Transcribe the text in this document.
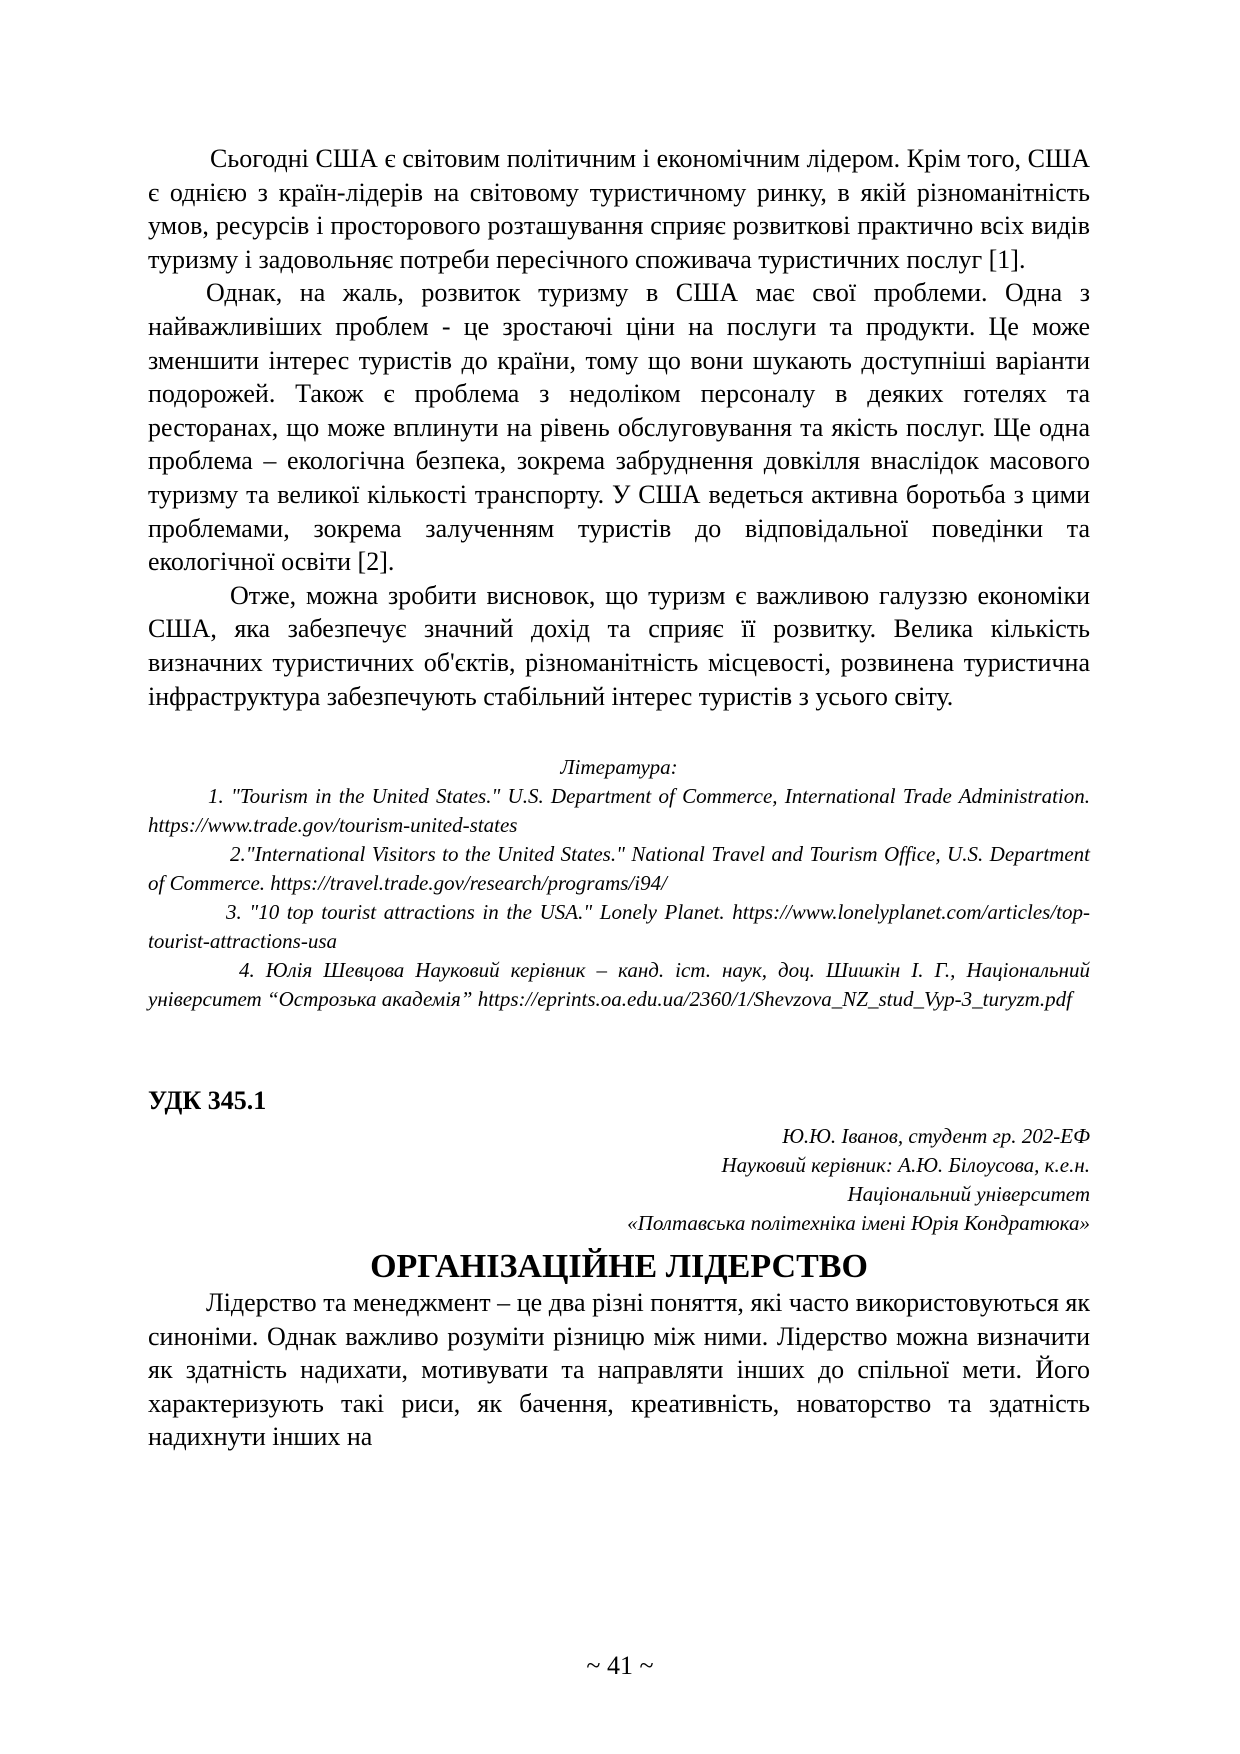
Сьогодні США є світовим політичним і економічним лідером. Крім того, США є однією з країн-лідерів на світовому туристичному ринку, в якій різноманітність умов, ресурсів і просторового розташування сприяє розвиткові практично всіх видів туризму і задовольняє потреби пересічного споживача туристичних послуг [1].

Однак, на жаль, розвиток туризму в США має свої проблеми. Одна з найважливіших проблем - це зростаючі ціни на послуги та продукти. Це може зменшити інтерес туристів до країни, тому що вони шукають доступніші варіанти подорожей. Також є проблема з недоліком персоналу в деяких готелях та ресторанах, що може вплинути на рівень обслуговування та якість послуг. Ще одна проблема – екологічна безпека, зокрема забруднення довкілля внаслідок масового туризму та великої кількості транспорту. У США ведеться активна боротьба з цими проблемами, зокрема залученням туристів до відповідальної поведінки та екологічної освіти [2].

Отже, можна зробити висновок, що туризм є важливою галуззю економіки США, яка забезпечує значний дохід та сприяє її розвитку. Велика кількість визначних туристичних об'єктів, різноманітність місцевості, розвинена туристична інфраструктура забезпечують стабільний інтерес туристів з усього світу.

Література:

1. "Tourism in the United States." U.S. Department of Commerce, International Trade Administration. https://www.trade.gov/tourism-united-states

2."International Visitors to the United States." National Travel and Tourism Office, U.S. Department of Commerce. https://travel.trade.gov/research/programs/i94/

3. "10 top tourist attractions in the USA." Lonely Planet. https://www.lonelyplanet.com/articles/top-tourist-attractions-usa

4. Юлія Шевцова Науковий керівник – канд. іст. наук, доц. Шишкін І. Г., Національний університет “Острозька академія” https://eprints.oa.edu.ua/2360/1/Shevzova_NZ_stud_Vyp-3_turyzm.pdf

УДК 345.1

Ю.Ю. Іванов, студент гр. 202-ЕФ
Науковий керівник: А.Ю. Білоусова, к.е.н.
Національний університет
«Полтавська політехніка імені Юрія Кондратюка»
ОРГАНІЗАЦІЙНЕ ЛІДЕРСТВО

Лідерство та менеджмент – це два різні поняття, які часто використовуються як синоніми. Однак важливо розуміти різницю між ними. Лідерство можна визначити як здатність надихати, мотивувати та направляти інших до спільної мети. Його характеризують такі риси, як бачення, креативність, новаторство та здатність надихнути інших на

~ 41 ~
